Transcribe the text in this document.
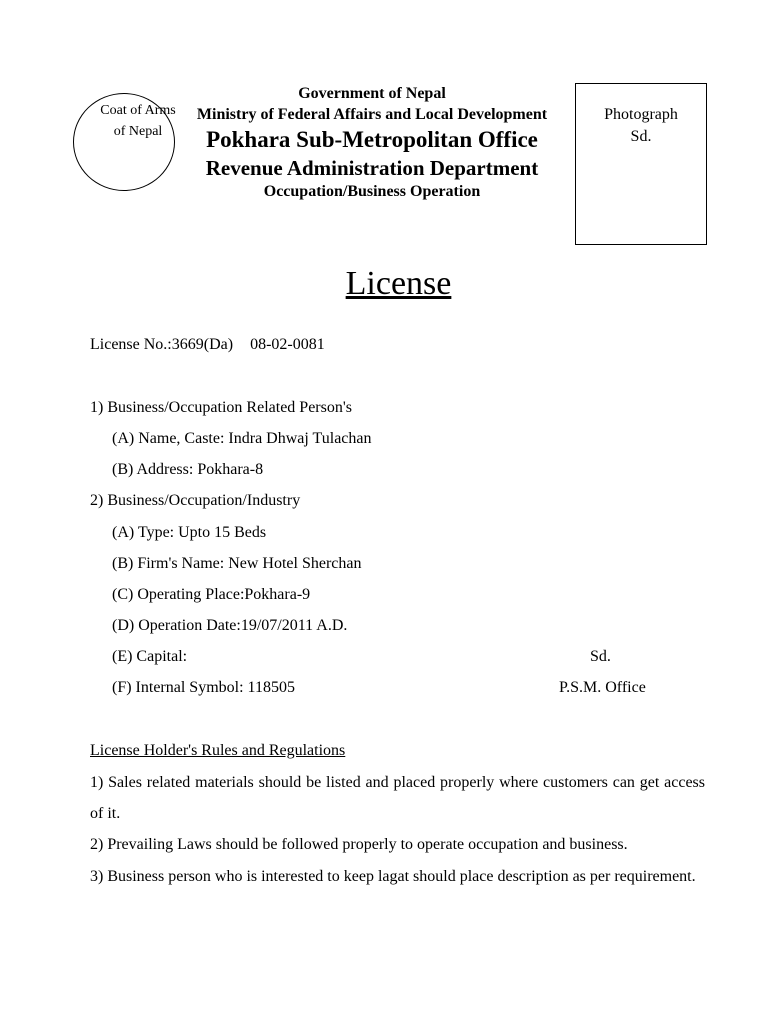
Coat of Arms
of Nepal
Government of Nepal
Ministry of Federal Affairs and Local Development
Pokhara Sub-Metropolitan Office
Revenue Administration Department
Occupation/Business Operation
Photograph
Sd.
License
License No.:3669(Da) 08-02-0081
1) Business/Occupation Related Person's
(A) Name, Caste: Indra Dhwaj Tulachan
(B) Address: Pokhara-8
2) Business/Occupation/Industry
(A) Type: Upto 15 Beds
(B) Firm's Name: New Hotel Sherchan
(C) Operating Place:Pokhara-9
(D) Operation Date:19/07/2011 A.D.
(E) Capital:	Sd.
(F) Internal Symbol: 118505	P.S.M. Office
License Holder's Rules and Regulations
1) Sales related materials should be listed and placed properly where customers can get access of it.
2) Prevailing Laws should be followed properly to operate occupation and business.
3) Business person who is interested to keep lagat should place description as per requirement.
